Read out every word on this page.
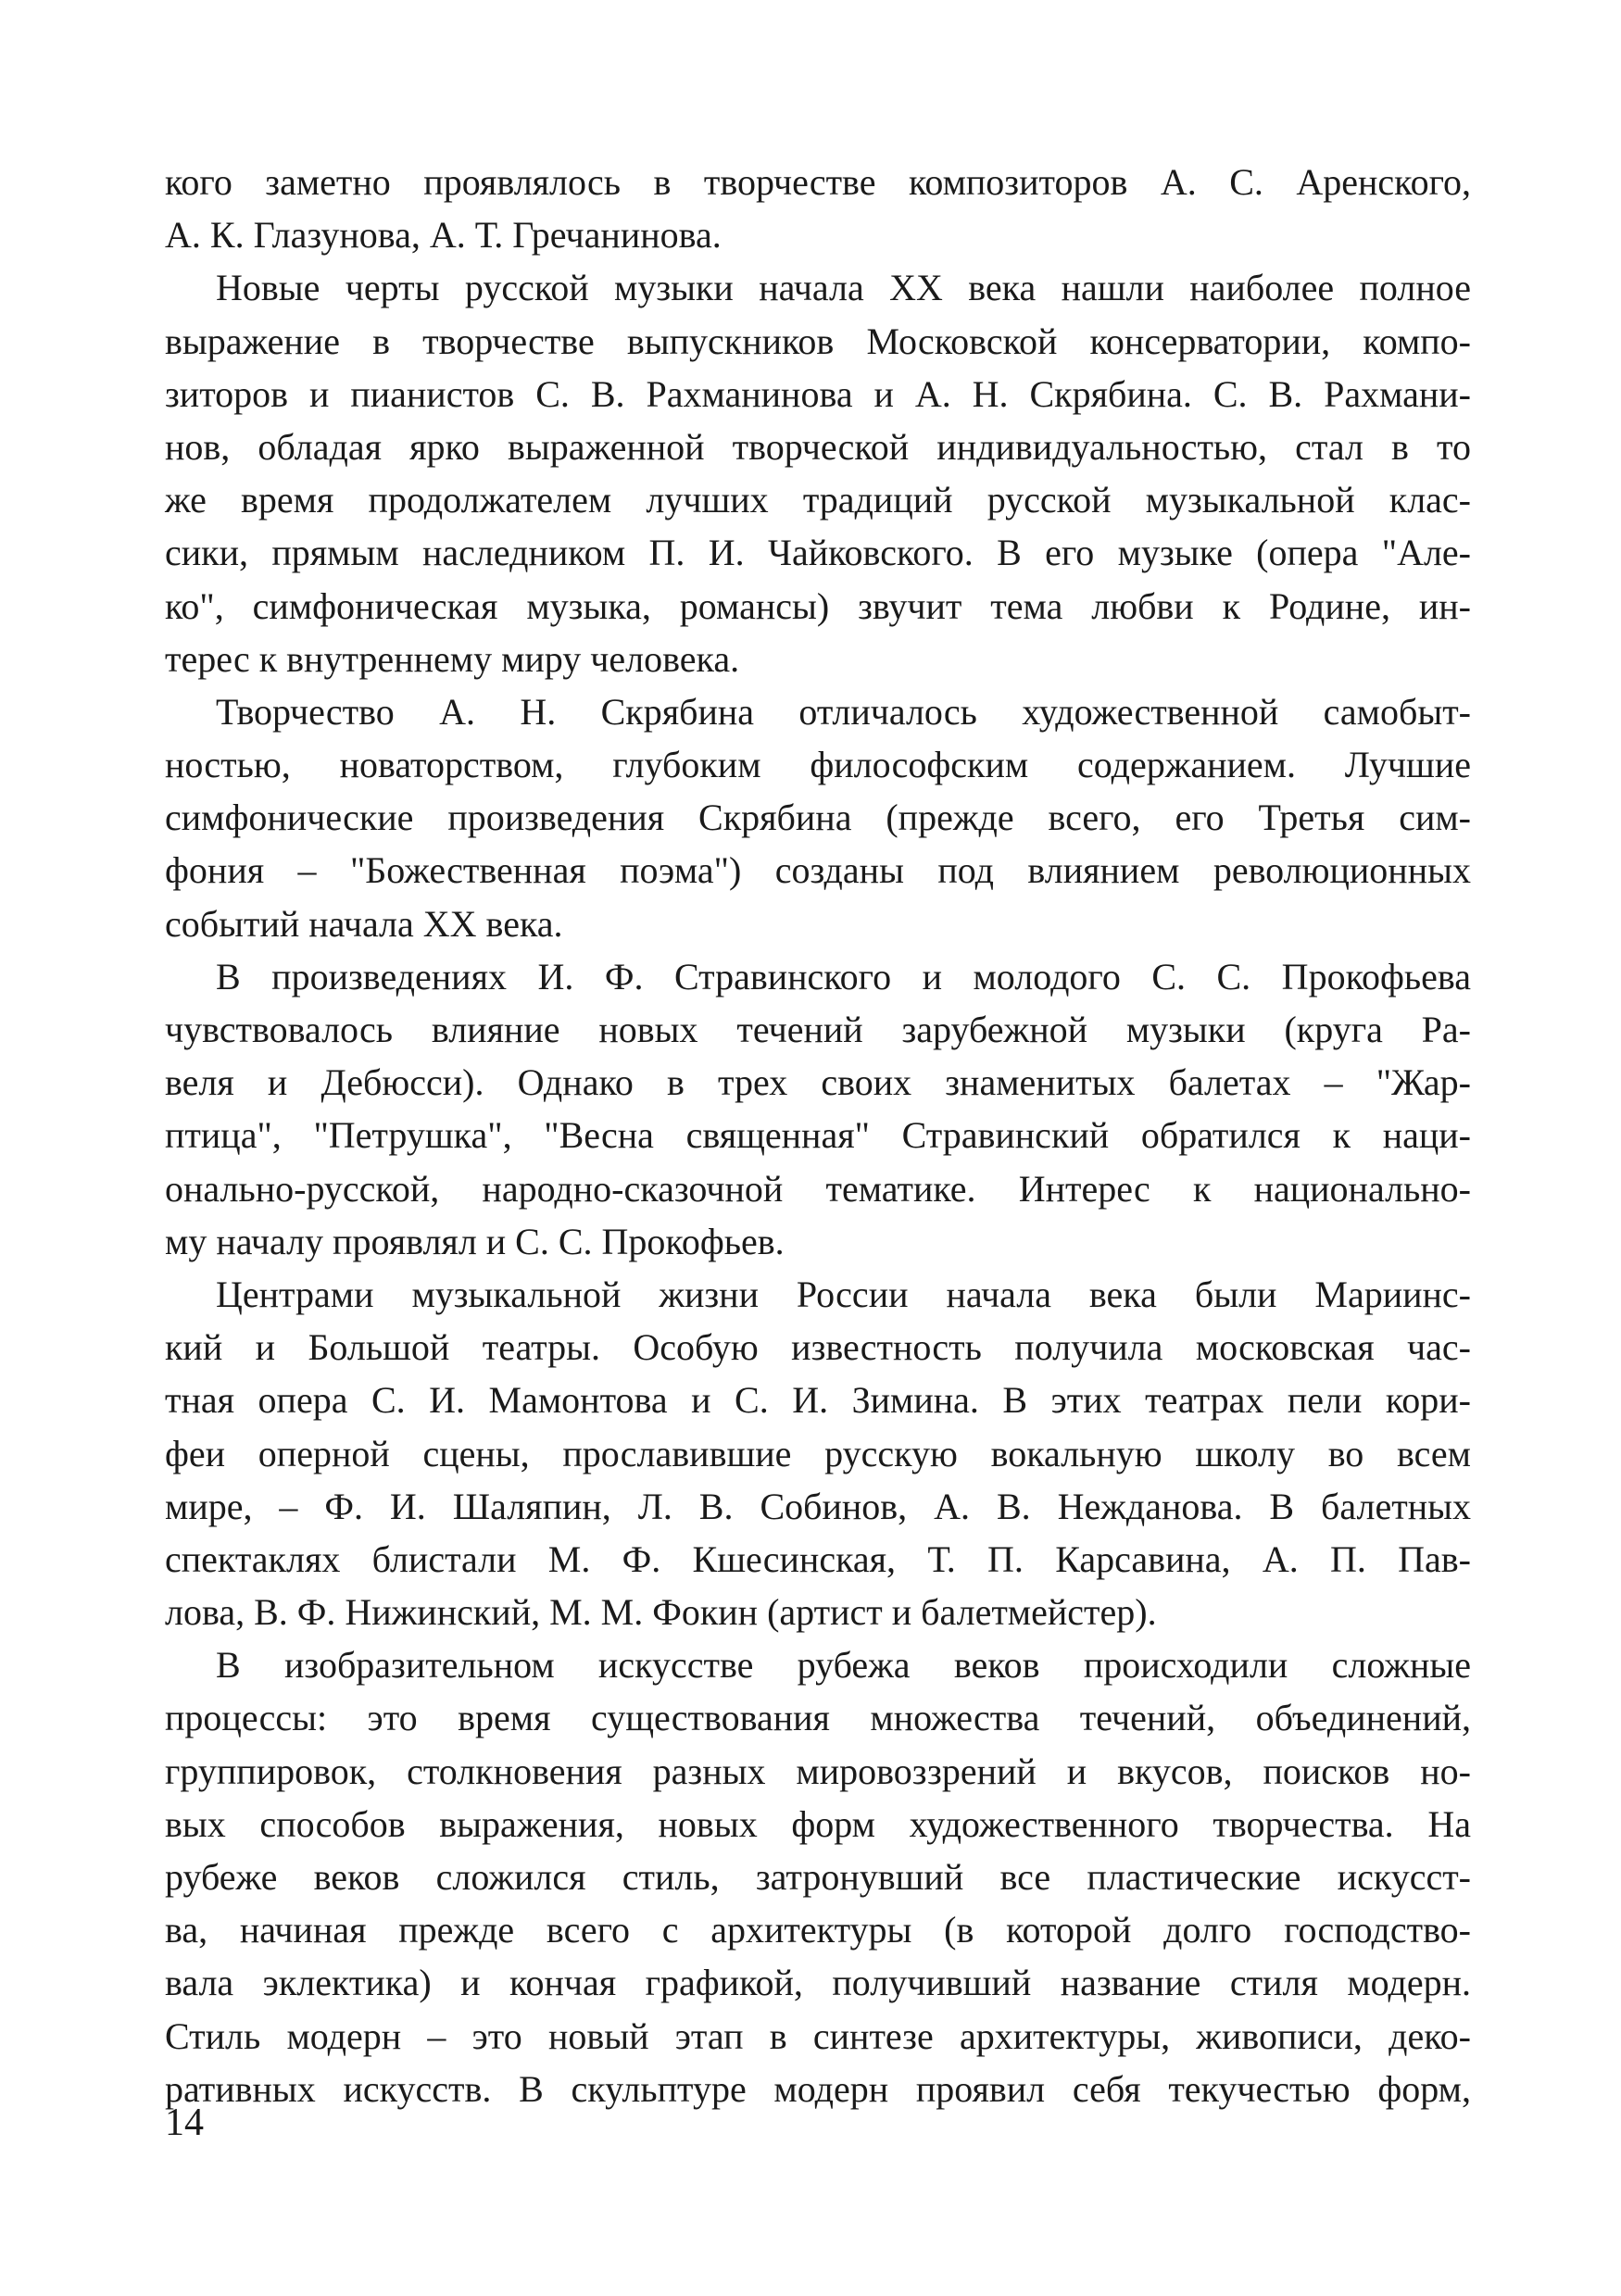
кого заметно проявлялось в творчестве композиторов А. С. Аренского,
А. К. Глазунова, А. Т. Гречанинова.
Новые черты русской музыки начала XX века нашли наиболее полное
выражение в творчестве выпускников Московской консерватории, компо-
зиторов и пианистов С. В. Рахманинова и А. Н. Скрябина. С. В. Рахмани-
нов, обладая ярко выраженной творческой индивидуальностью, стал в то
же время продолжателем лучших традиций русской музыкальной клас-
сики, прямым наследником П. И. Чайковского. В его музыке (опера "Але-
ко", симфоническая музыка, романсы) звучит тема любви к Родине, ин-
терес к внутреннему миру человека.
Творчество А. Н. Скрябина отличалось художественной самобыт-
ностью, новаторством, глубоким философским содержанием. Лучшие
симфонические произведения Скрябина (прежде всего, его Третья сим-
фония – "Божественная поэма") созданы под влиянием революционных
событий начала XX века.
В произведениях И. Ф. Стравинского и молодого С. С. Прокофьева
чувствовалось влияние новых течений зарубежной музыки (круга Ра-
веля и Дебюсси). Однако в трех своих знаменитых балетах – "Жар-
птица", "Петрушка", "Весна священная" Стравинский обратился к наци-
онально-русской, народно-сказочной тематике. Интерес к национально-
му началу проявлял и С. С. Прокофьев.
Центрами музыкальной жизни России начала века были Мариинс-
кий и Большой театры. Особую известность получила московская час-
тная опера С. И. Мамонтова и С. И. Зимина. В этих театрах пели кори-
феи оперной сцены, прославившие русскую вокальную школу во всем
мире, – Ф. И. Шаляпин, Л. В. Собинов, А. В. Нежданова. В балетных
спектаклях блистали М. Ф. Кшесинская, Т. П. Карсавина, А. П. Пав-
лова, В. Ф. Нижинский, М. М. Фокин (артист и балетмейстер).
В изобразительном искусстве рубежа веков происходили сложные
процессы: это время существования множества течений, объединений,
группировок, столкновения разных мировоззрений и вкусов, поисков но-
вых способов выражения, новых форм художественного творчества. На
рубеже веков сложился стиль, затронувший все пластические искусст-
ва, начиная прежде всего с архитектуры (в которой долго господство-
вала эклектика) и кончая графикой, получивший название стиля модерн.
Стиль модерн – это новый этап в синтезе архитектуры, живописи, деко-
ративных искусств. В скульптуре модерн проявил себя текучестью форм,
14
